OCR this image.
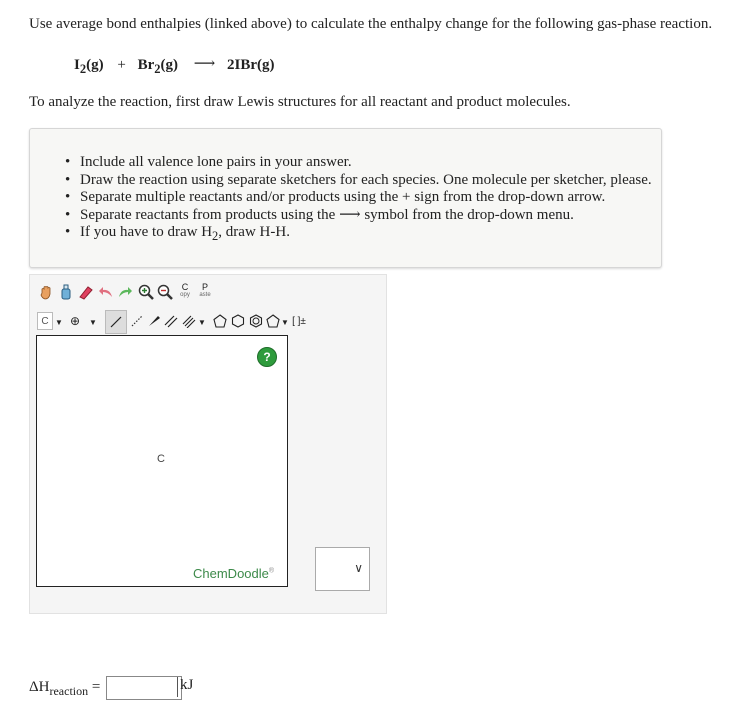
Use average bond enthalpies (linked above) to calculate the enthalpy change for the following gas-phase reaction.
$I_2(g) + Br_2(g)$ ⟶ 2IBr(g)
To analyze the reaction, first draw Lewis structures for all reactant and product molecules.
• Include all valence lone pairs in your answer.
• Draw the reaction using separate sketchers for each species. One molecule per sketcher, please.
• Separate multiple reactants and/or products using the + sign from the drop-down arrow.
• Separate reactants from products using the ⟶ symbol from the drop-down menu.
• If you have to draw $H_2$, draw H-H.
C
opy
P
aste
C ▼ ⊕	▼	▼	▼ [ ]±
C
?
ChemDoodle®	∨
$\Delta H_{reaction}$ =	kJ
